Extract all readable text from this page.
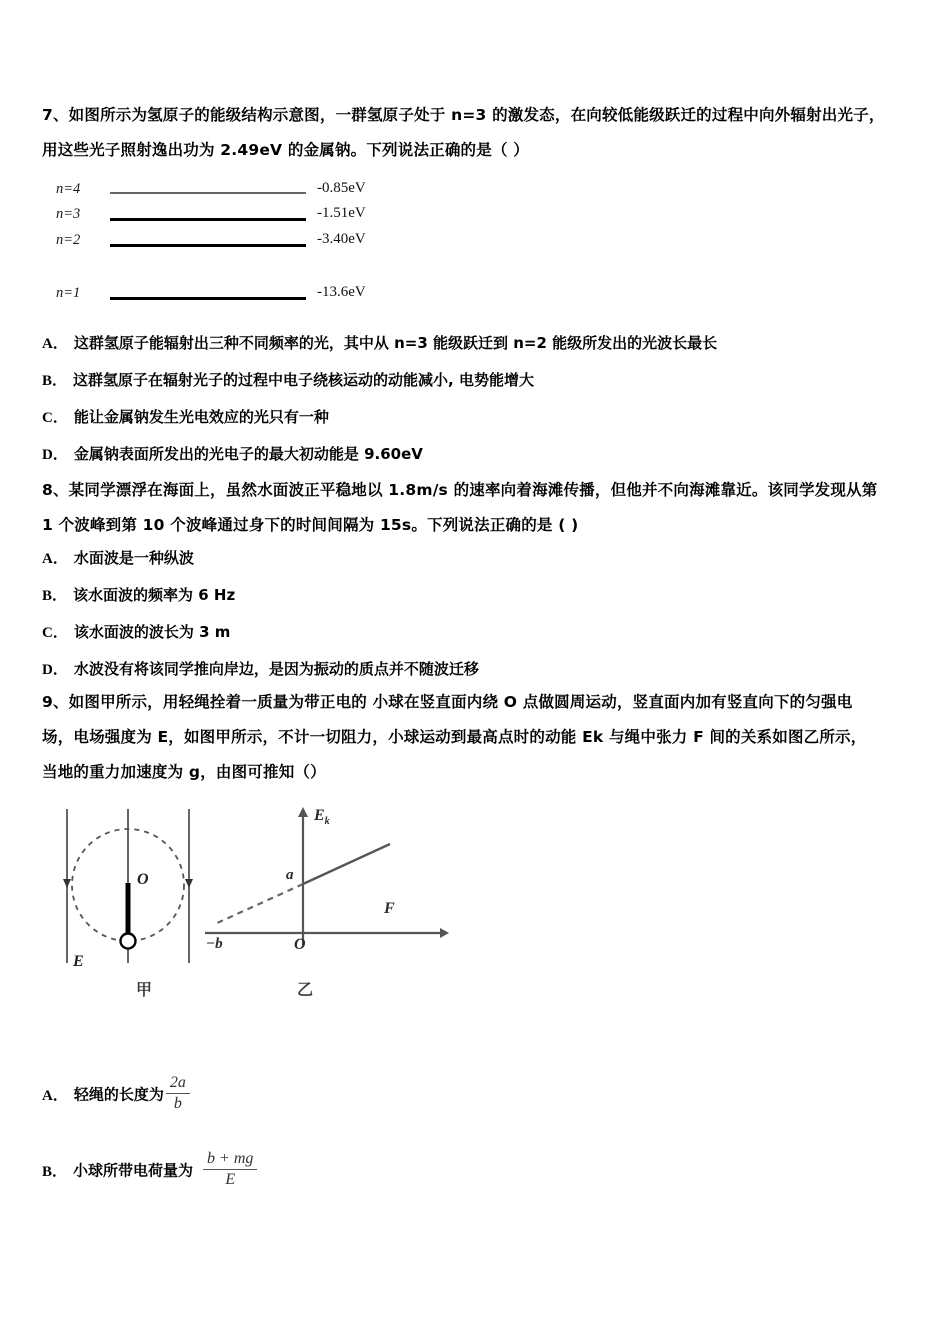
7、如图所示为氢原子的能级结构示意图，一群氢原子处于 n=3 的激发态，在向较低能级跃迁的过程中向外辐射出光子，
用这些光子照射逸出功为 2.49eV 的金属钠。下列说法正确的是（ ）
n=4	-0.85eV
n=3	-1.51eV
n=2	-3.40eV
n=1	-13.6eV
A． 这群氢原子能辐射出三种不同频率的光，其中从 n=3 能级跃迁到 n=2 能级所发出的光波长最长
B． 这群氢原子在辐射光子的过程中电子绕核运动的动能减小, 电势能增大
C． 能让金属钠发生光电效应的光只有一种
D． 金属钠表面所发出的光电子的最大初动能是 9.60eV
8、某同学漂浮在海面上，虽然水面波正平稳地以 1.8m/s 的速率向着海滩传播，但他并不向海滩靠近。该同学发现从第
1 个波峰到第 10 个波峰通过身下的时间间隔为 15s。下列说法正确的是 ( )
A． 水面波是一种纵波
B． 该水面波的频率为 6 Hz
C． 该水面波的波长为 3 m
D． 水波没有将该同学推向岸边，是因为振动的质点并不随波迁移
9、如图甲所示，用轻绳拴着一质量为带正电的 小球在竖直面内绕 O 点做圆周运动，竖直面内加有竖直向下的匀强电
场，电场强度为 E，如图甲所示，不计一切阻力，小球运动到最高点时的动能 Ek 与绳中张力 F 间的关系如图乙所示，
当地的重力加速度为 g，由图可推知（）
O
E
甲
$E_k$
F
O
a
−b
乙
A． 轻绳的长度为 $\frac{2a}{b}$
B． 小球所带电荷量为 $\frac{b + mg}{E}$
